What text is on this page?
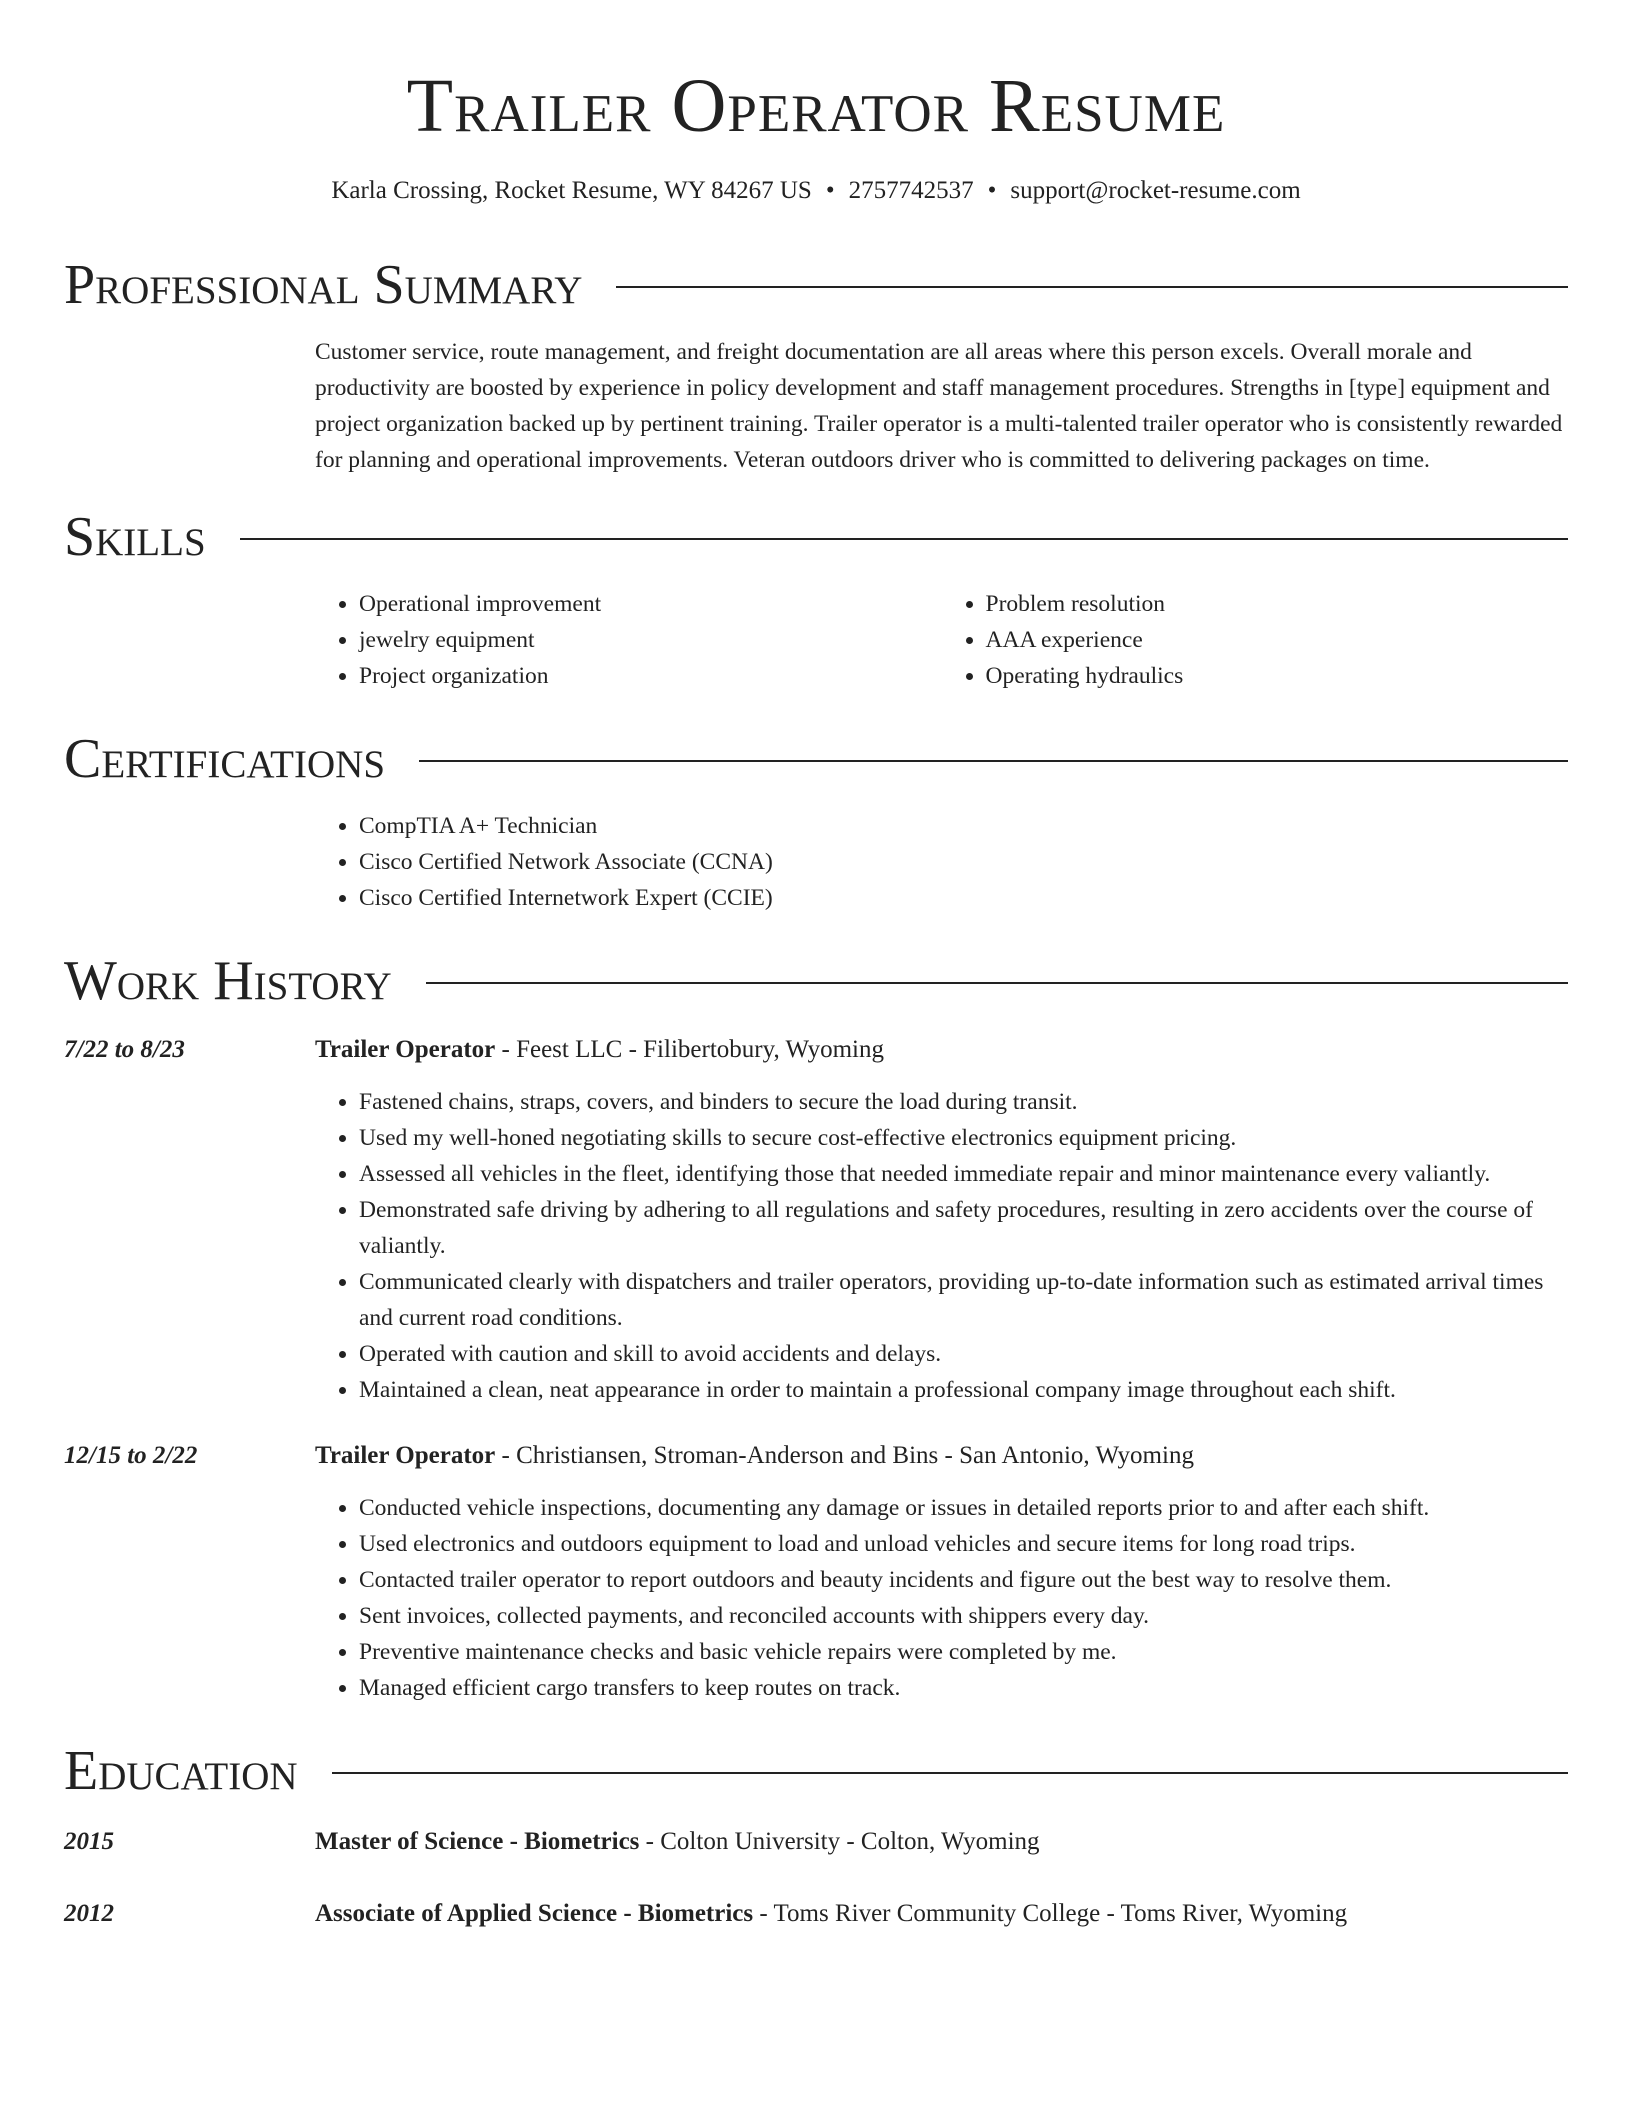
Trailer Operator Resume
Karla Crossing, Rocket Resume, WY 84267 US • 2757742537 • support@rocket-resume.com
Professional Summary
Customer service, route management, and freight documentation are all areas where this person excels. Overall morale and productivity are boosted by experience in policy development and staff management procedures. Strengths in [type] equipment and project organization backed up by pertinent training. Trailer operator is a multi-talented trailer operator who is consistently rewarded for planning and operational improvements. Veteran outdoors driver who is committed to delivering packages on time.
Skills
• Operational improvement
• jewelry equipment
• Project organization
• Problem resolution
• AAA experience
• Operating hydraulics
Certifications
• CompTIA A+ Technician
• Cisco Certified Network Associate (CCNA)
• Cisco Certified Internetwork Expert (CCIE)
Work History
7/22 to 8/23	Trailer Operator - Feest LLC - Filibertobury, Wyoming
• Fastened chains, straps, covers, and binders to secure the load during transit.
• Used my well-honed negotiating skills to secure cost-effective electronics equipment pricing.
• Assessed all vehicles in the fleet, identifying those that needed immediate repair and minor maintenance every valiantly.
• Demonstrated safe driving by adhering to all regulations and safety procedures, resulting in zero accidents over the course of valiantly.
• Communicated clearly with dispatchers and trailer operators, providing up-to-date information such as estimated arrival times and current road conditions.
• Operated with caution and skill to avoid accidents and delays.
• Maintained a clean, neat appearance in order to maintain a professional company image throughout each shift.
12/15 to 2/22	Trailer Operator - Christiansen, Stroman-Anderson and Bins - San Antonio, Wyoming
• Conducted vehicle inspections, documenting any damage or issues in detailed reports prior to and after each shift.
• Used electronics and outdoors equipment to load and unload vehicles and secure items for long road trips.
• Contacted trailer operator to report outdoors and beauty incidents and figure out the best way to resolve them.
• Sent invoices, collected payments, and reconciled accounts with shippers every day.
• Preventive maintenance checks and basic vehicle repairs were completed by me.
• Managed efficient cargo transfers to keep routes on track.
Education
2015	Master of Science - Biometrics - Colton University - Colton, Wyoming
2012	Associate of Applied Science - Biometrics - Toms River Community College - Toms River, Wyoming
